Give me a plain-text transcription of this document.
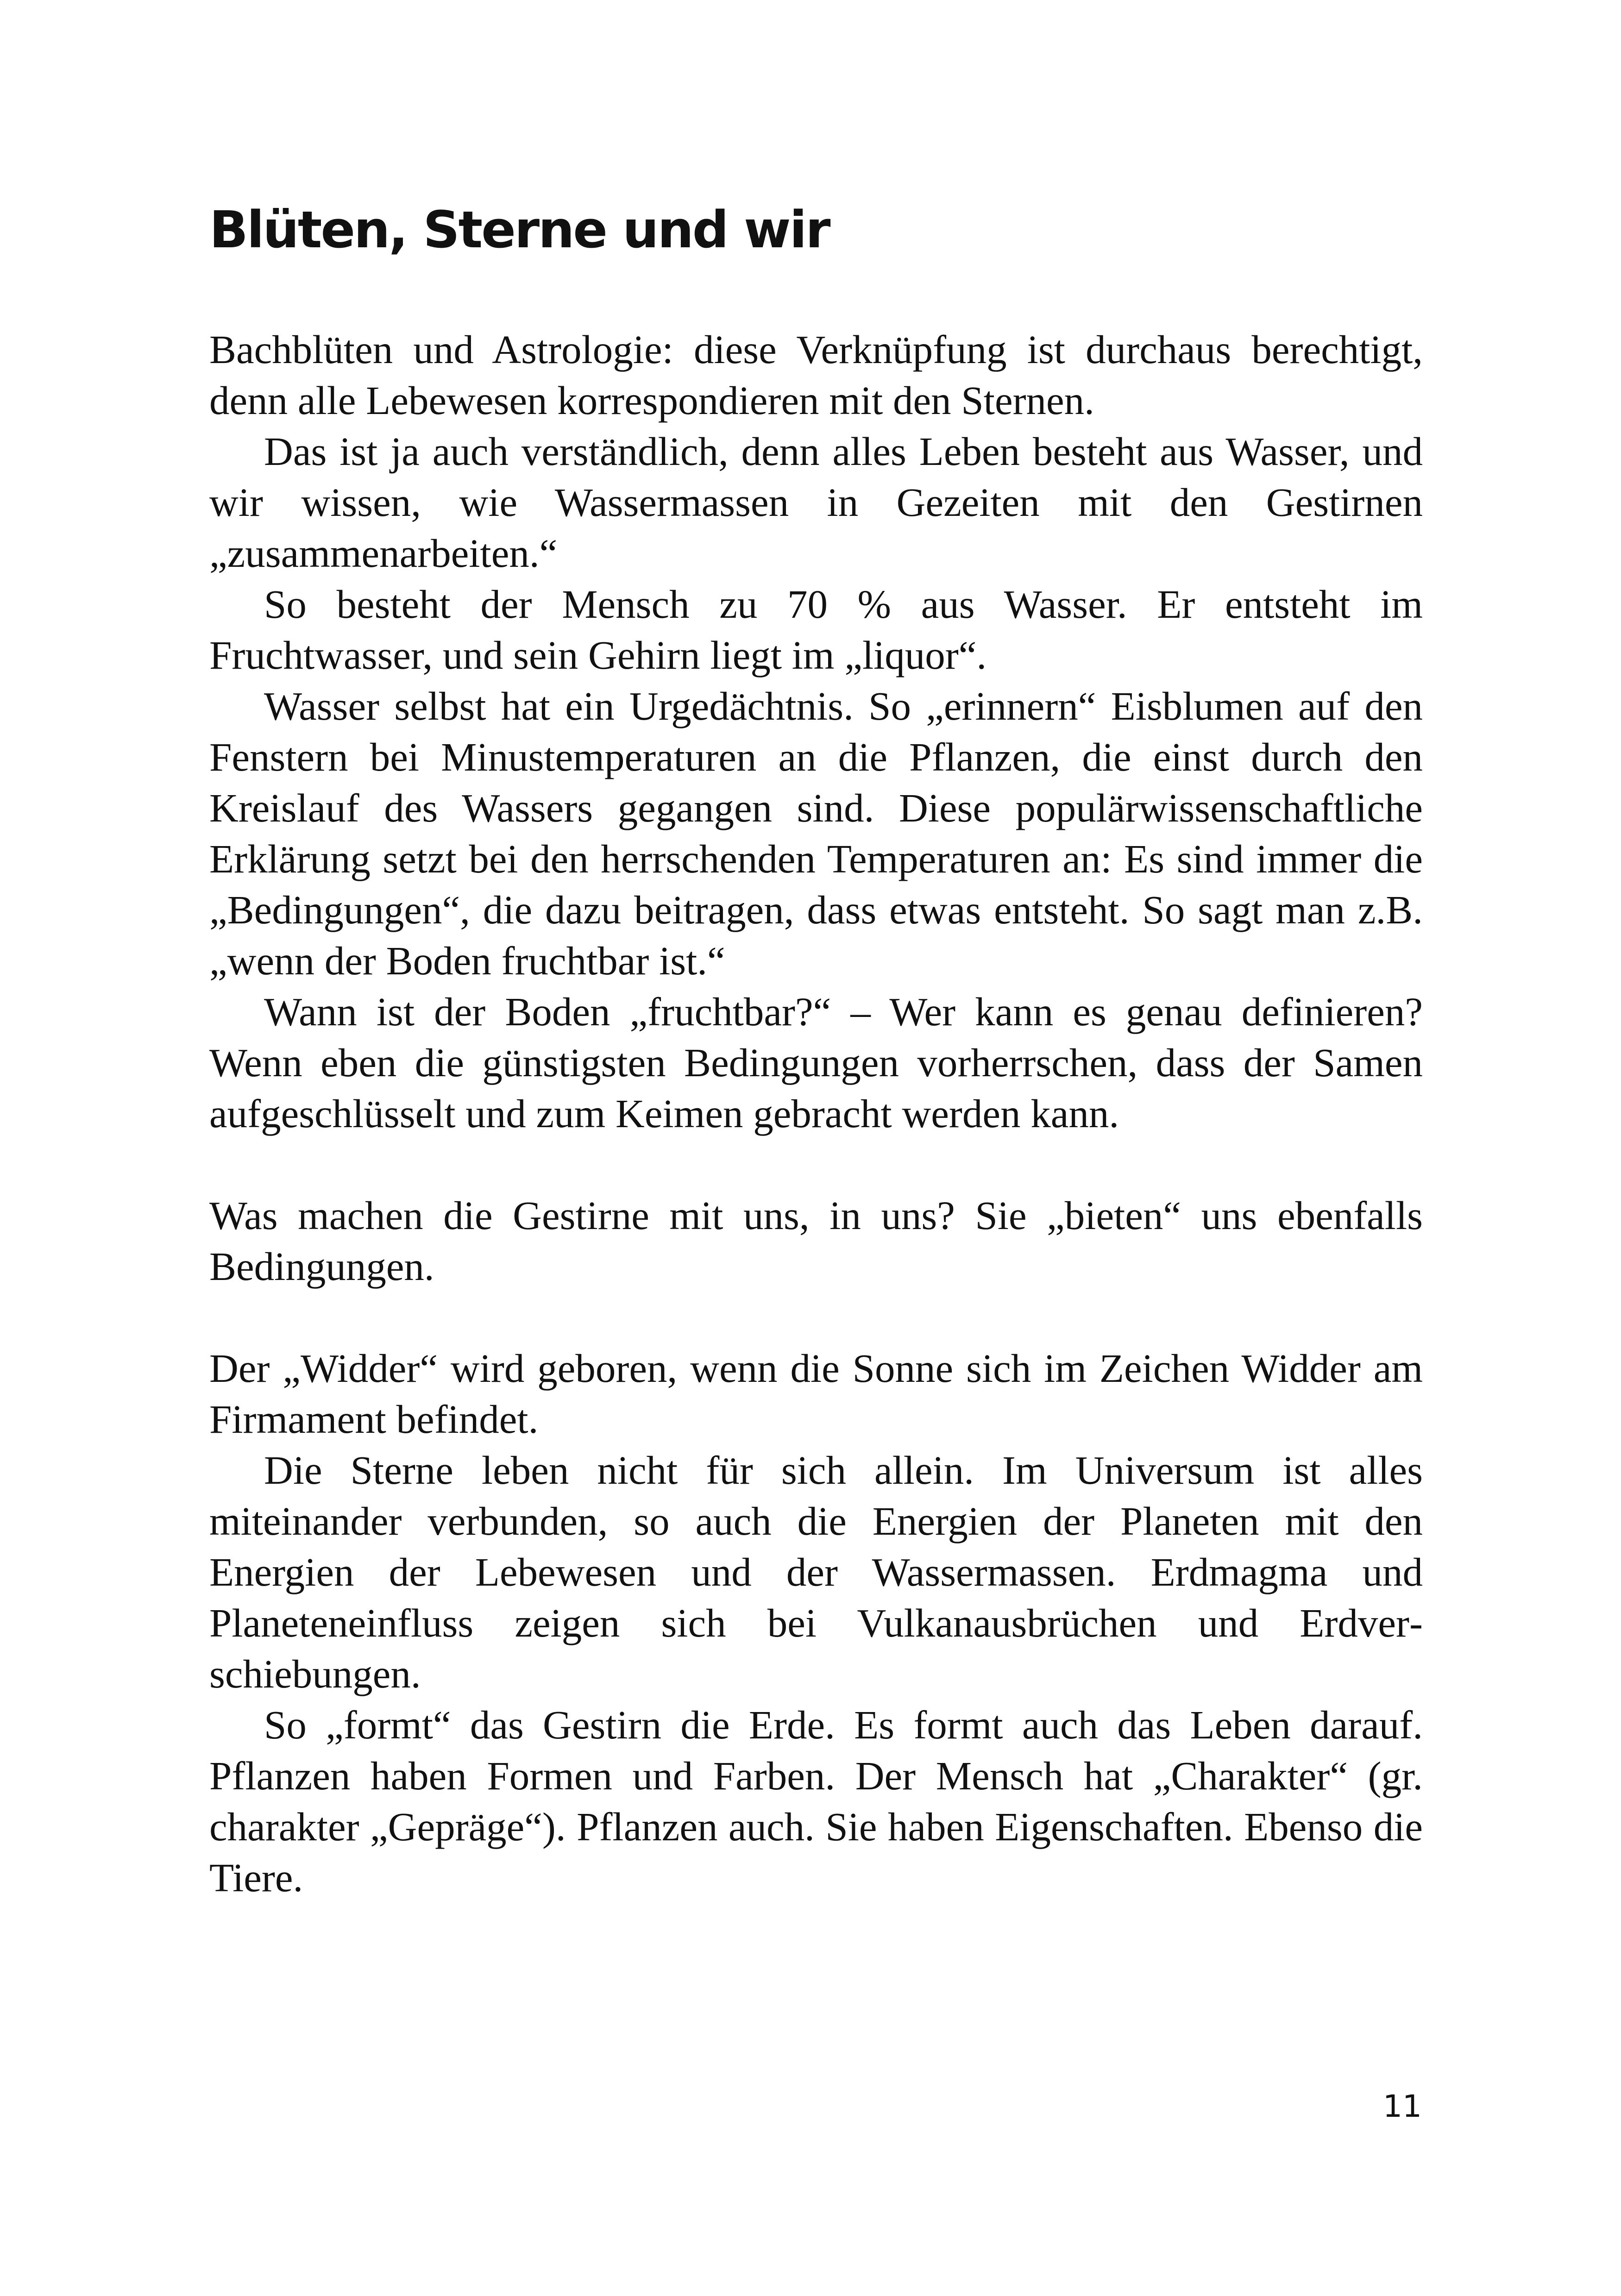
Blüten, Sterne und wir

Bachblüten und Astrologie: diese Verknüpfung ist durchaus berechtigt, denn alle Lebewesen korrespondieren mit den Sternen.

Das ist ja auch verständlich, denn alles Leben besteht aus Wasser, und wir wissen, wie Wassermassen in Gezeiten mit den Gestirnen „zusammenarbeiten.“

So besteht der Mensch zu 70 % aus Wasser. Er entsteht im Fruchtwasser, und sein Gehirn liegt im „liquor“.

Wasser selbst hat ein Urgedächtnis. So „erinnern“ Eisblumen auf den Fenstern bei Minustemperaturen an die Pflanzen, die einst durch den Kreislauf des Wassers gegangen sind. Diese populärwissenschaftliche Erklärung setzt bei den herrschenden Temperaturen an: Es sind immer die „Bedingungen“, die dazu beitragen, dass etwas entsteht. So sagt man z.B. „wenn der Boden fruchtbar ist.“

Wann ist der Boden „fruchtbar?“ – Wer kann es genau definieren? Wenn eben die günstigsten Bedingungen vorherrschen, dass der Samen aufgeschlüsselt und zum Keimen gebracht werden kann.

Was machen die Gestirne mit uns, in uns? Sie „bieten“ uns ebenfalls Bedingungen.

Der „Widder“ wird geboren, wenn die Sonne sich im Zeichen Widder am Firmament befindet.

Die Sterne leben nicht für sich allein. Im Universum ist alles miteinander verbunden, so auch die Energien der Planeten mit den Energien der Lebewesen und der Wassermassen. Erdmagma und Planeteneinfluss zeigen sich bei Vulkanausbrüchen und Erdverschiebungen.

So „formt“ das Gestirn die Erde. Es formt auch das Leben darauf. Pflanzen haben Formen und Farben. Der Mensch hat „Charakter“ (gr. charakter „Gepräge“). Pflanzen auch. Sie haben Eigenschaften. Ebenso die Tiere.

11
